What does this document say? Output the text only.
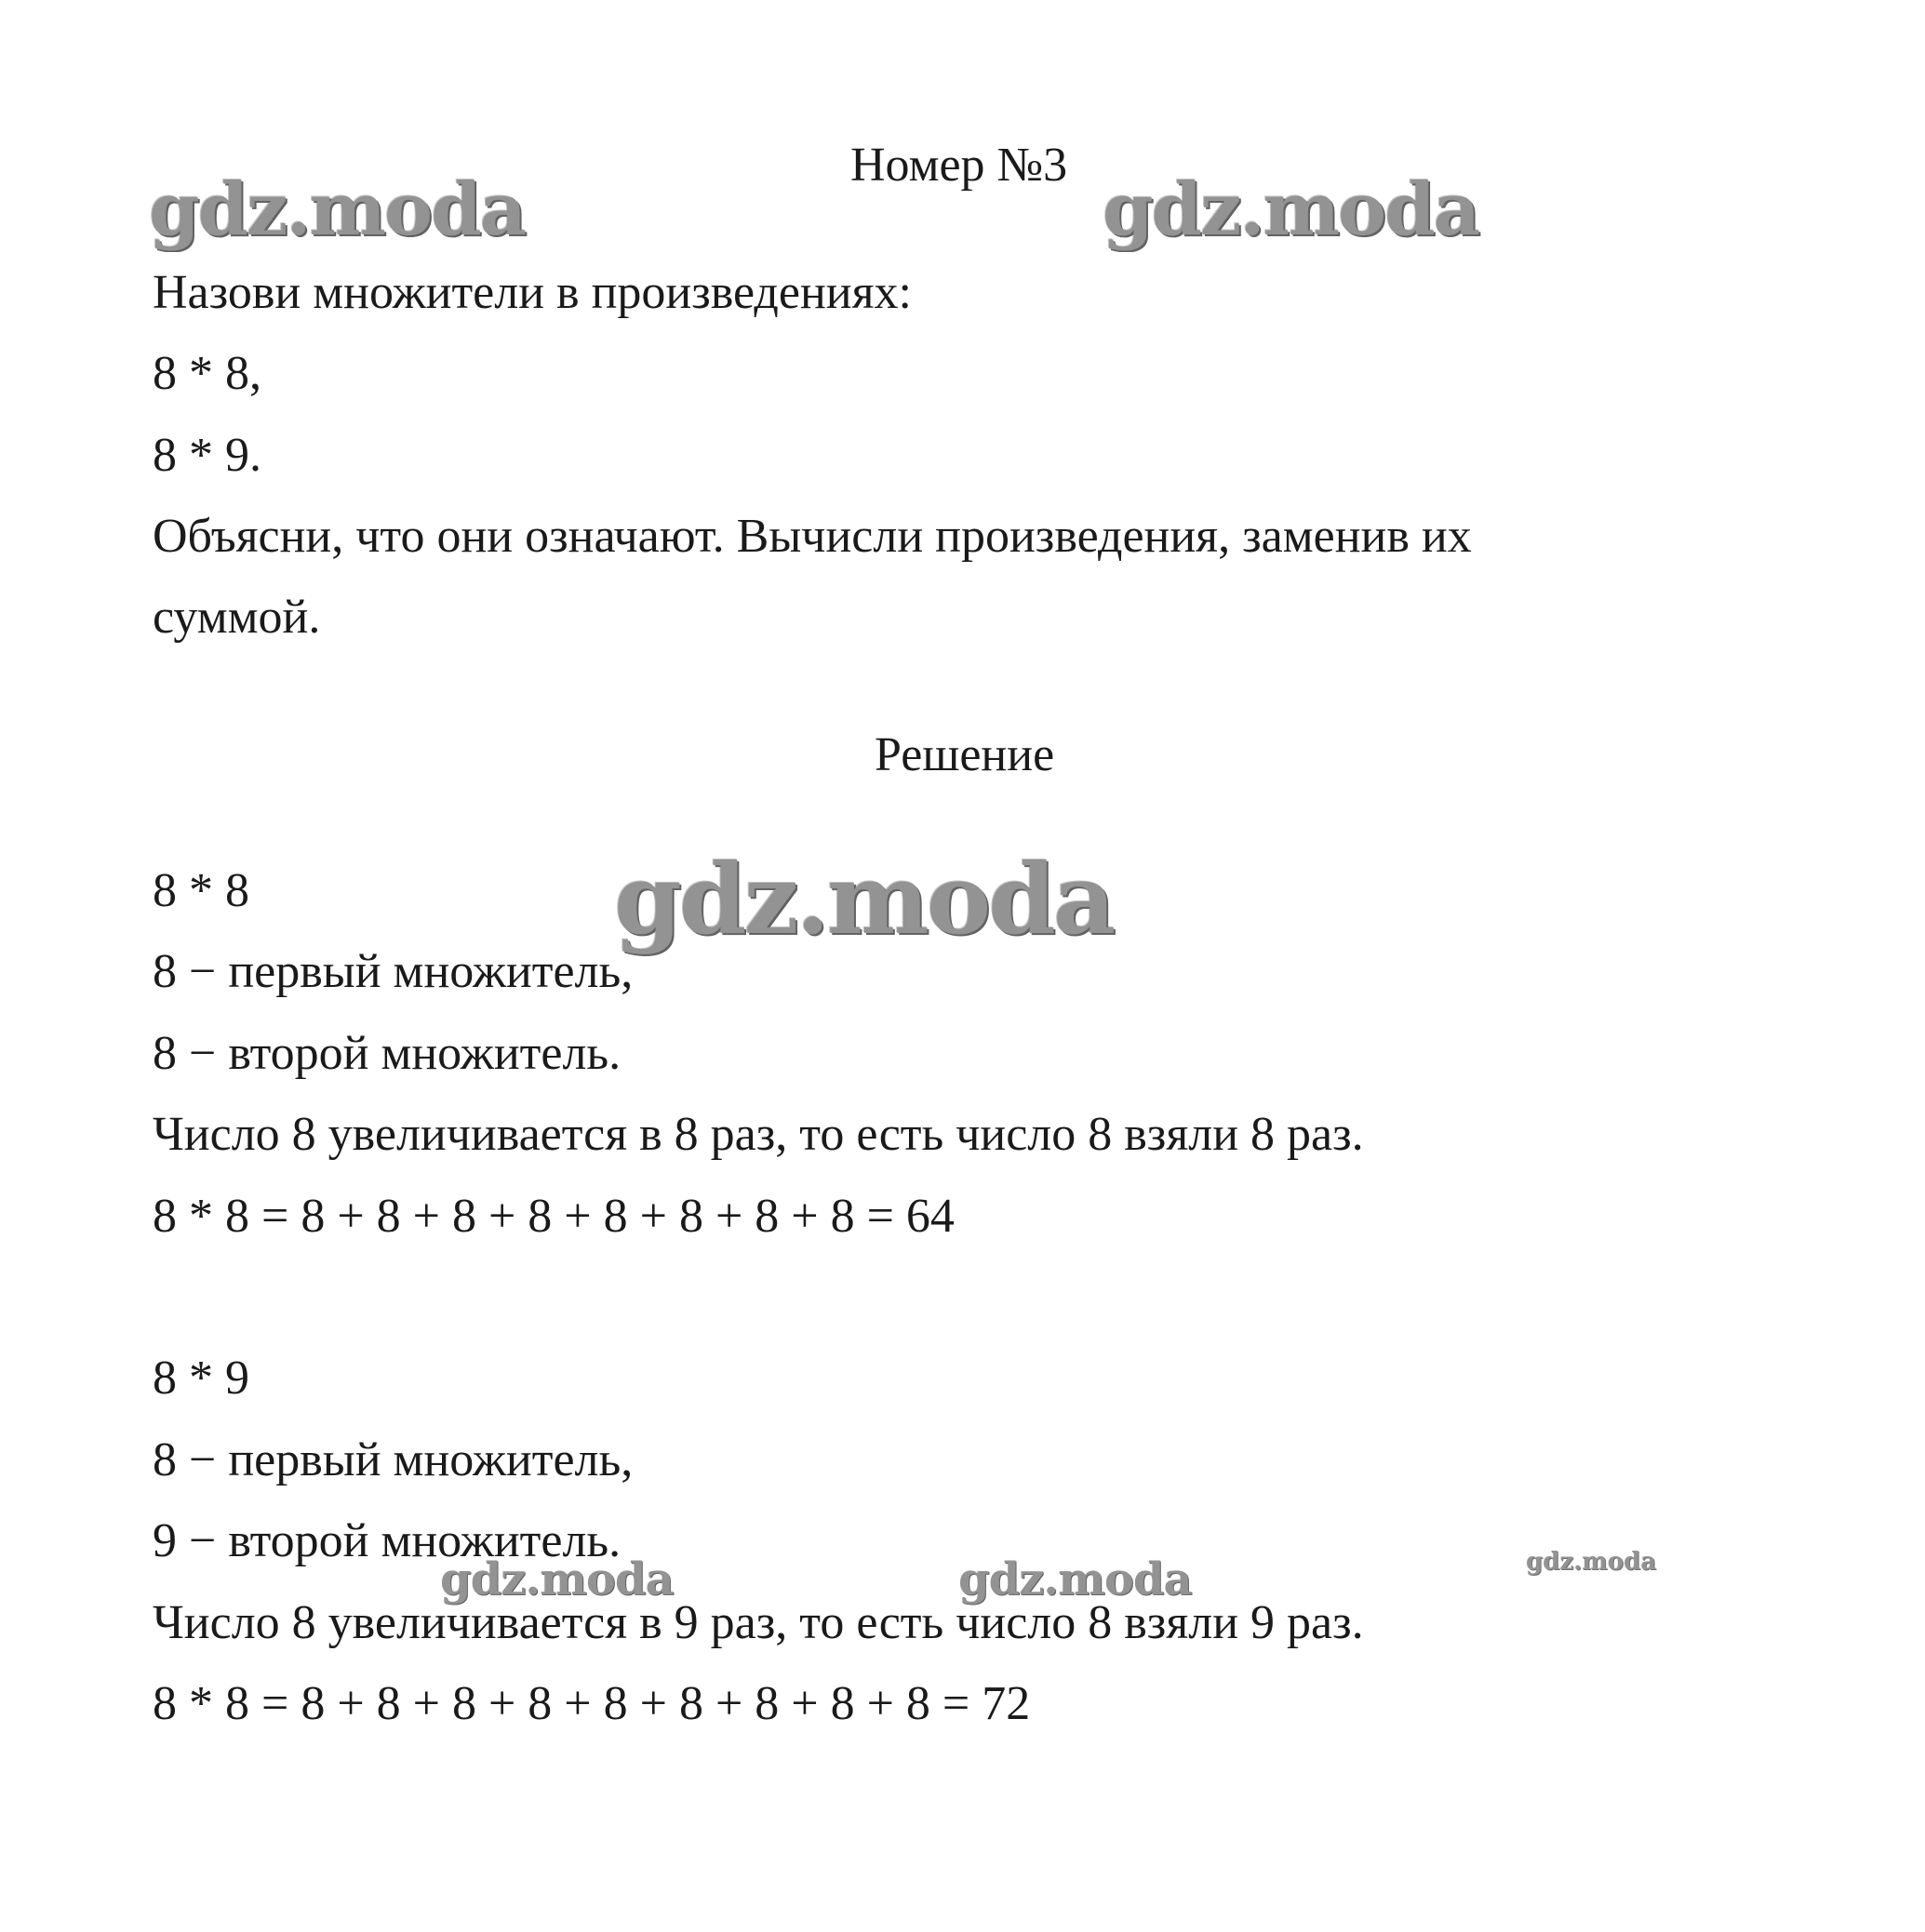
Номер №3
Назови множители в произведениях:
8 * 8,
8 * 9.
Объясни, что они означают. Вычисли произведения, заменив их
суммой.
Решение
8 * 8
8 − первый множитель,
8 − второй множитель.
Число 8 увеличивается в 8 раз, то есть число 8 взяли 8 раз.
8 * 8 = 8 + 8 + 8 + 8 + 8 + 8 + 8 + 8 = 64
8 * 9
8 − первый множитель,
9 − второй множитель.
Число 8 увеличивается в 9 раз, то есть число 8 взяли 9 раз.
8 * 8 = 8 + 8 + 8 + 8 + 8 + 8 + 8 + 8 + 8 = 72
gdz.moda	gdz.moda
gdz.moda
gdz.moda	gdz.moda	gdz.moda
